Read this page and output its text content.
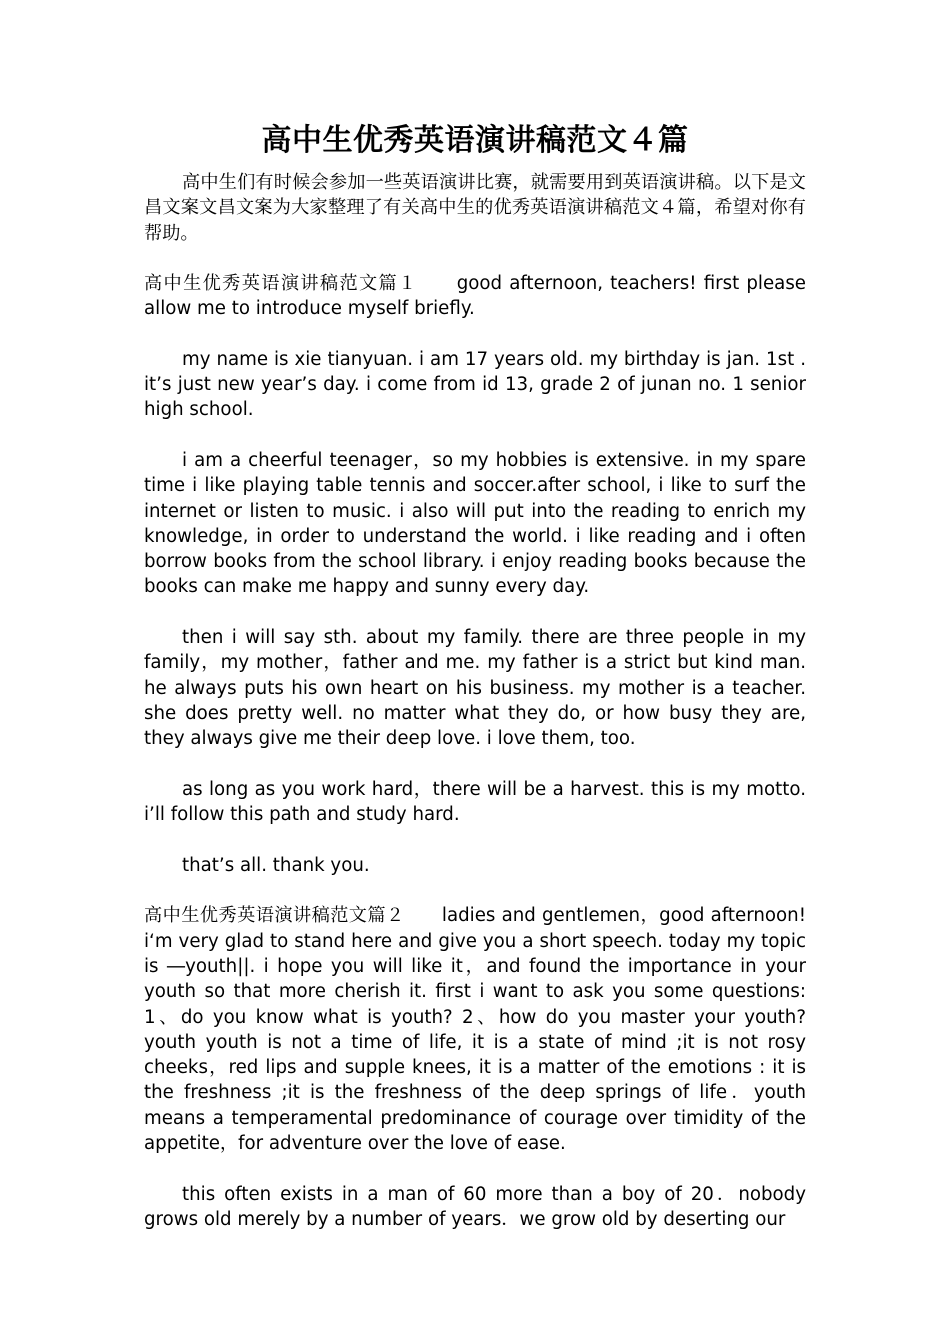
高中生优秀英语演讲稿范文４篇

高中生们有时候会参加一些英语演讲比赛，就需要用到英语演讲稿。以下是文昌文案文昌文案为大家整理了有关高中生的优秀英语演讲稿范文４篇，希望对你有帮助。

高中生优秀英语演讲稿范文篇１　　good afternoon, teachers! first please allow me to introduce myself briefly.

my name is xie tianyuan. i am 17 years old. my birthday is jan. 1st . it’s just new year’s day. i come from id 13, grade 2 of junan no. 1 senior high school.

i am a cheerful teenager，so my hobbies is extensive. in my spare time i like playing table tennis and soccer.after school, i like to surf the internet or listen to music. i also will put into the reading to enrich my knowledge, in order to understand the world. i like reading and i often borrow books from the school library. i enjoy reading books because the books can make me happy and sunny every day.

then i will say sth. about my family. there are three people in my family，my mother，father and me. my father is a strict but kind man. he always puts his own heart on his business. my mother is a teacher. she does pretty well. no matter what they do, or how busy they are, they always give me their deep love. i love them, too.

as long as you work hard，there will be a harvest. this is my motto. i’ll follow this path and study hard.

that’s all. thank you.

高中生优秀英语演讲稿范文篇２　　ladies and gentlemen，good afternoon! i‘m very glad to stand here and give you a short speech. today my topic is ―youth||. i hope you will like it，and found the importance in your youth so that more cherish it. first i want to ask you some questions: 1、do you know what is youth? 2、how do you master your youth? youth youth is not a time of life, it is a state of mind ;it is not rosy cheeks，red lips and supple knees, it is a matter of the emotions : it is the freshness ;it is the freshness of the deep springs of life．youth means a temperamental predominance of courage over timidity of the appetite，for adventure over the love of ease.

this often exists in a man of 60 more than a boy of 20．nobody grows old merely by a number of years．we grow old by deserting our
